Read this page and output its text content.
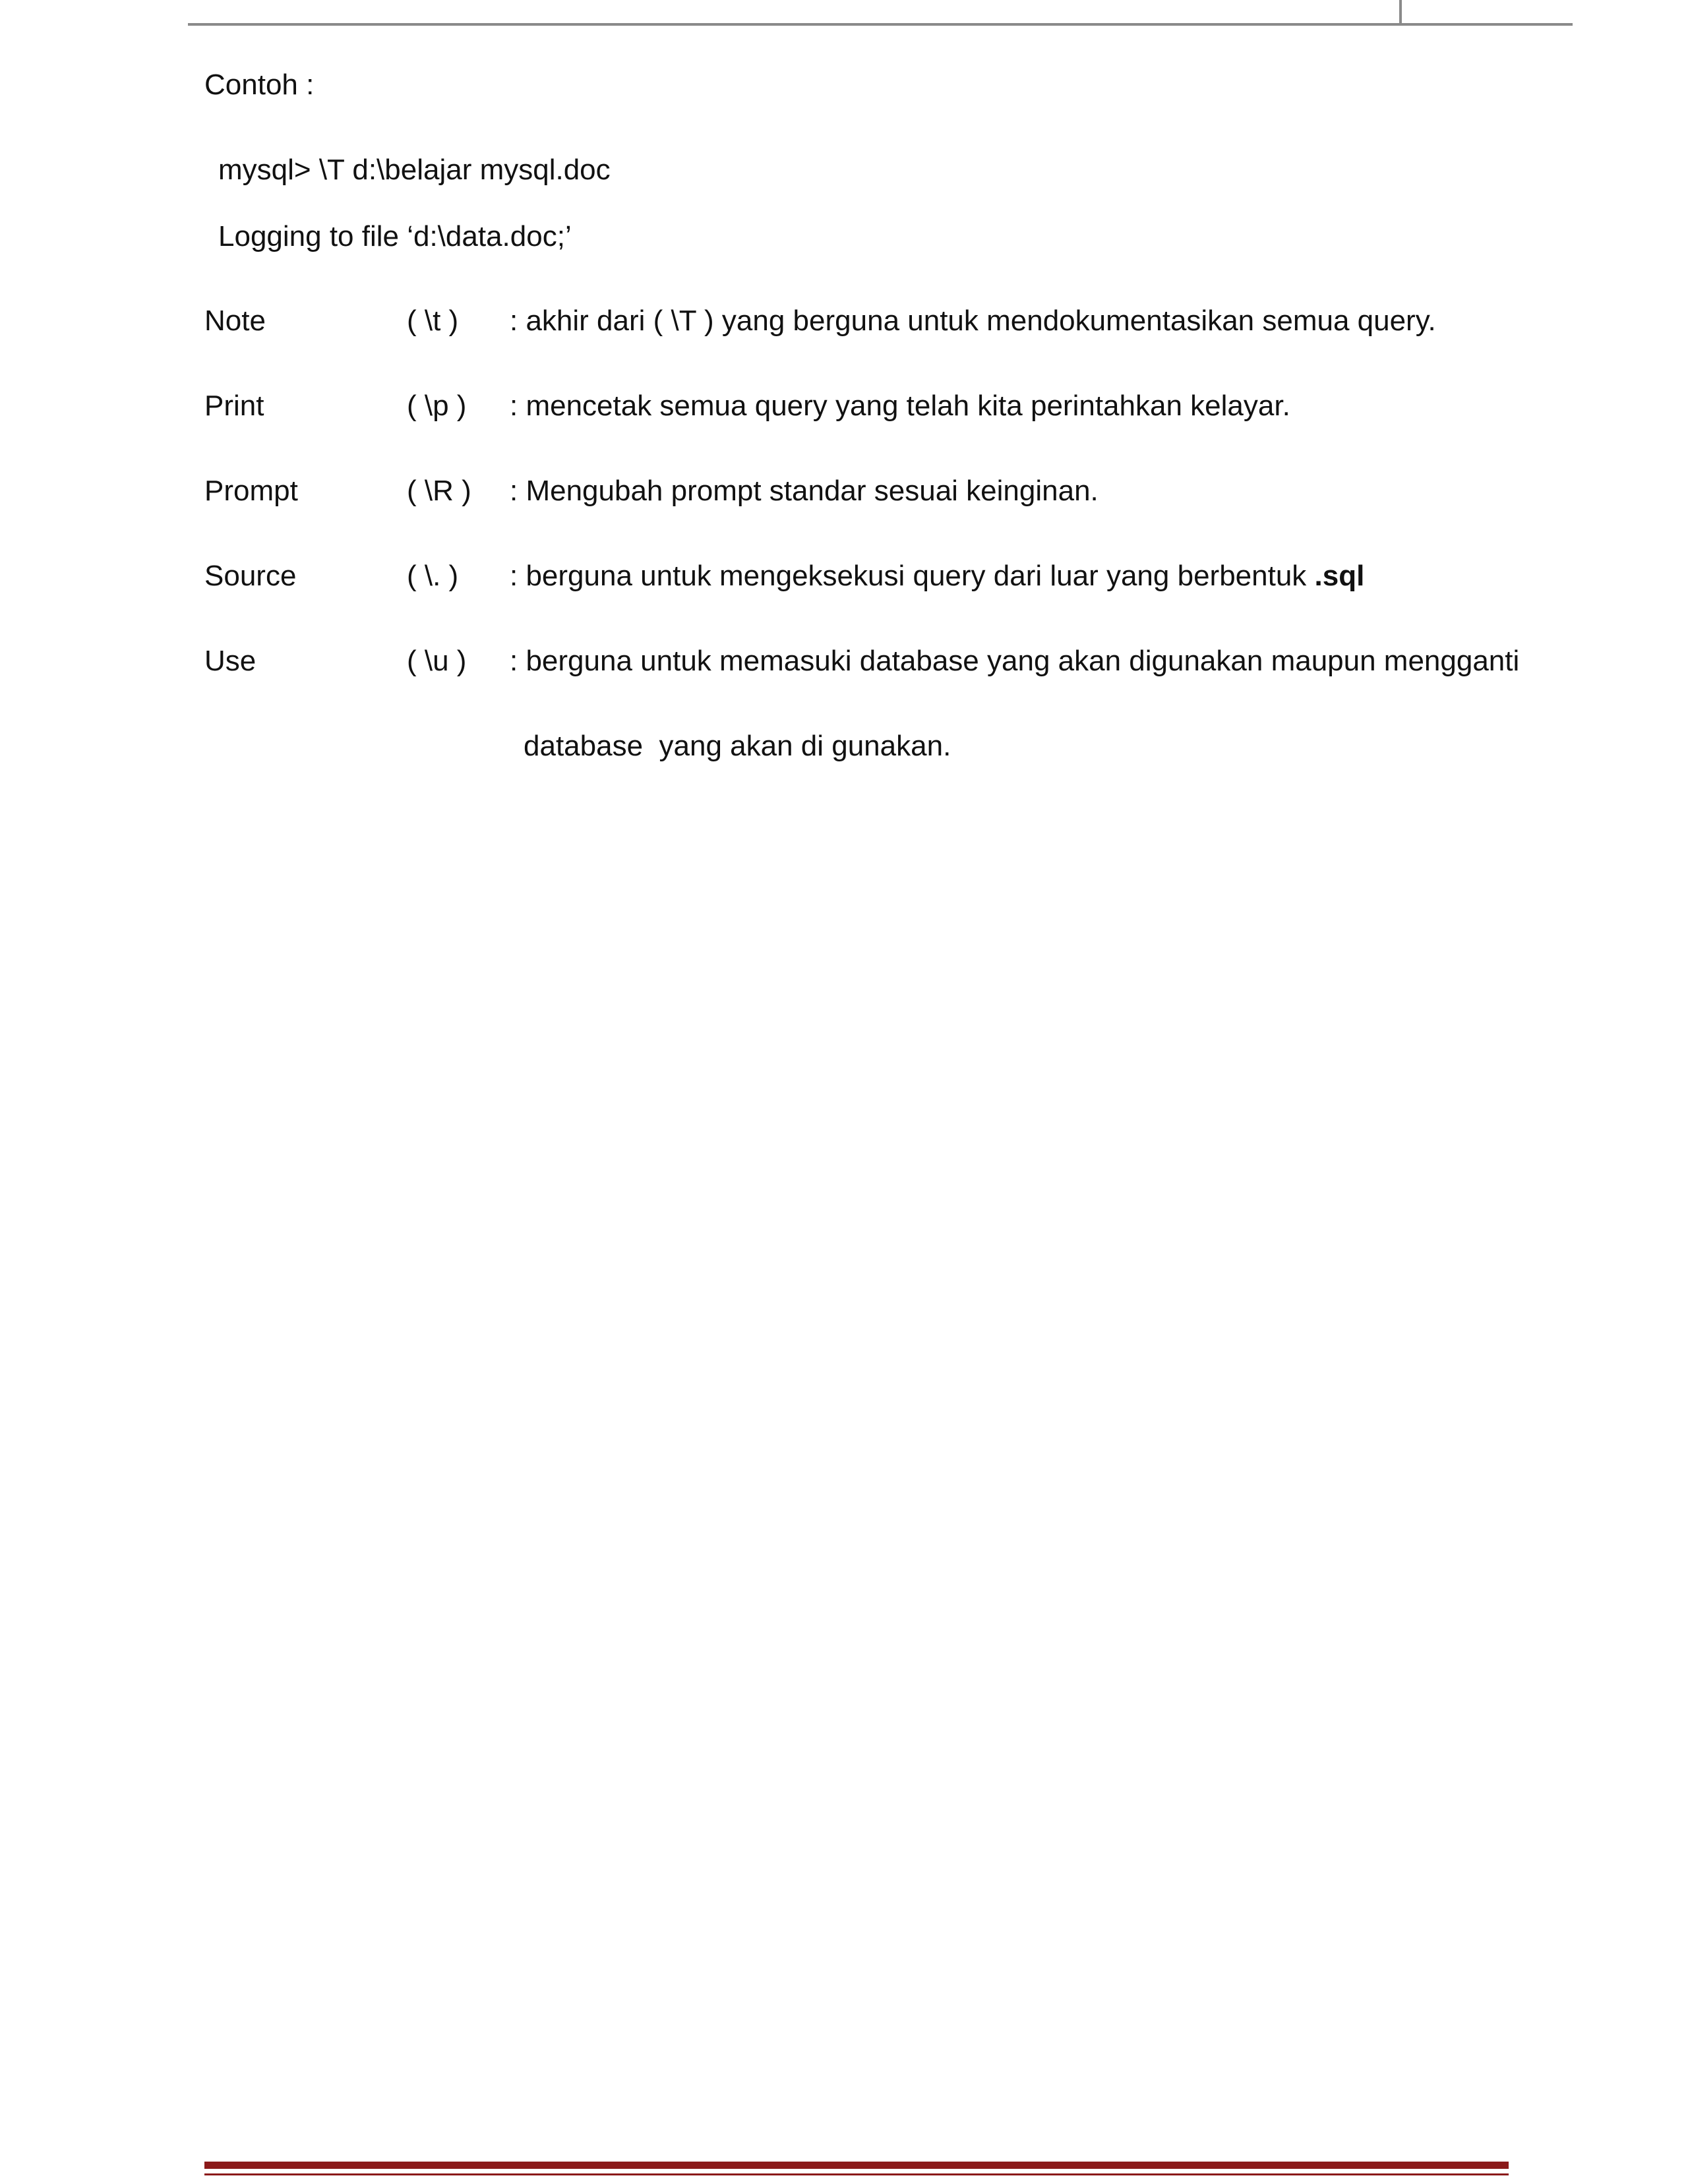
Contoh :
mysql> \T d:\belajar mysql.doc
Logging to file ‘d:\data.doc;’
Note	( \t ) : akhir dari ( \T ) yang berguna untuk mendokumentasikan semua query.
Print	( \p ) : mencetak semua query yang telah kita perintahkan kelayar.
Prompt	( \R ) : Mengubah prompt standar sesuai keinginan.
Source	( \. ) : berguna untuk mengeksekusi query dari luar yang berbentuk .sql
Use	( \u ) : berguna untuk memasuki database yang akan digunakan maupun mengganti
database  yang akan di gunakan.
